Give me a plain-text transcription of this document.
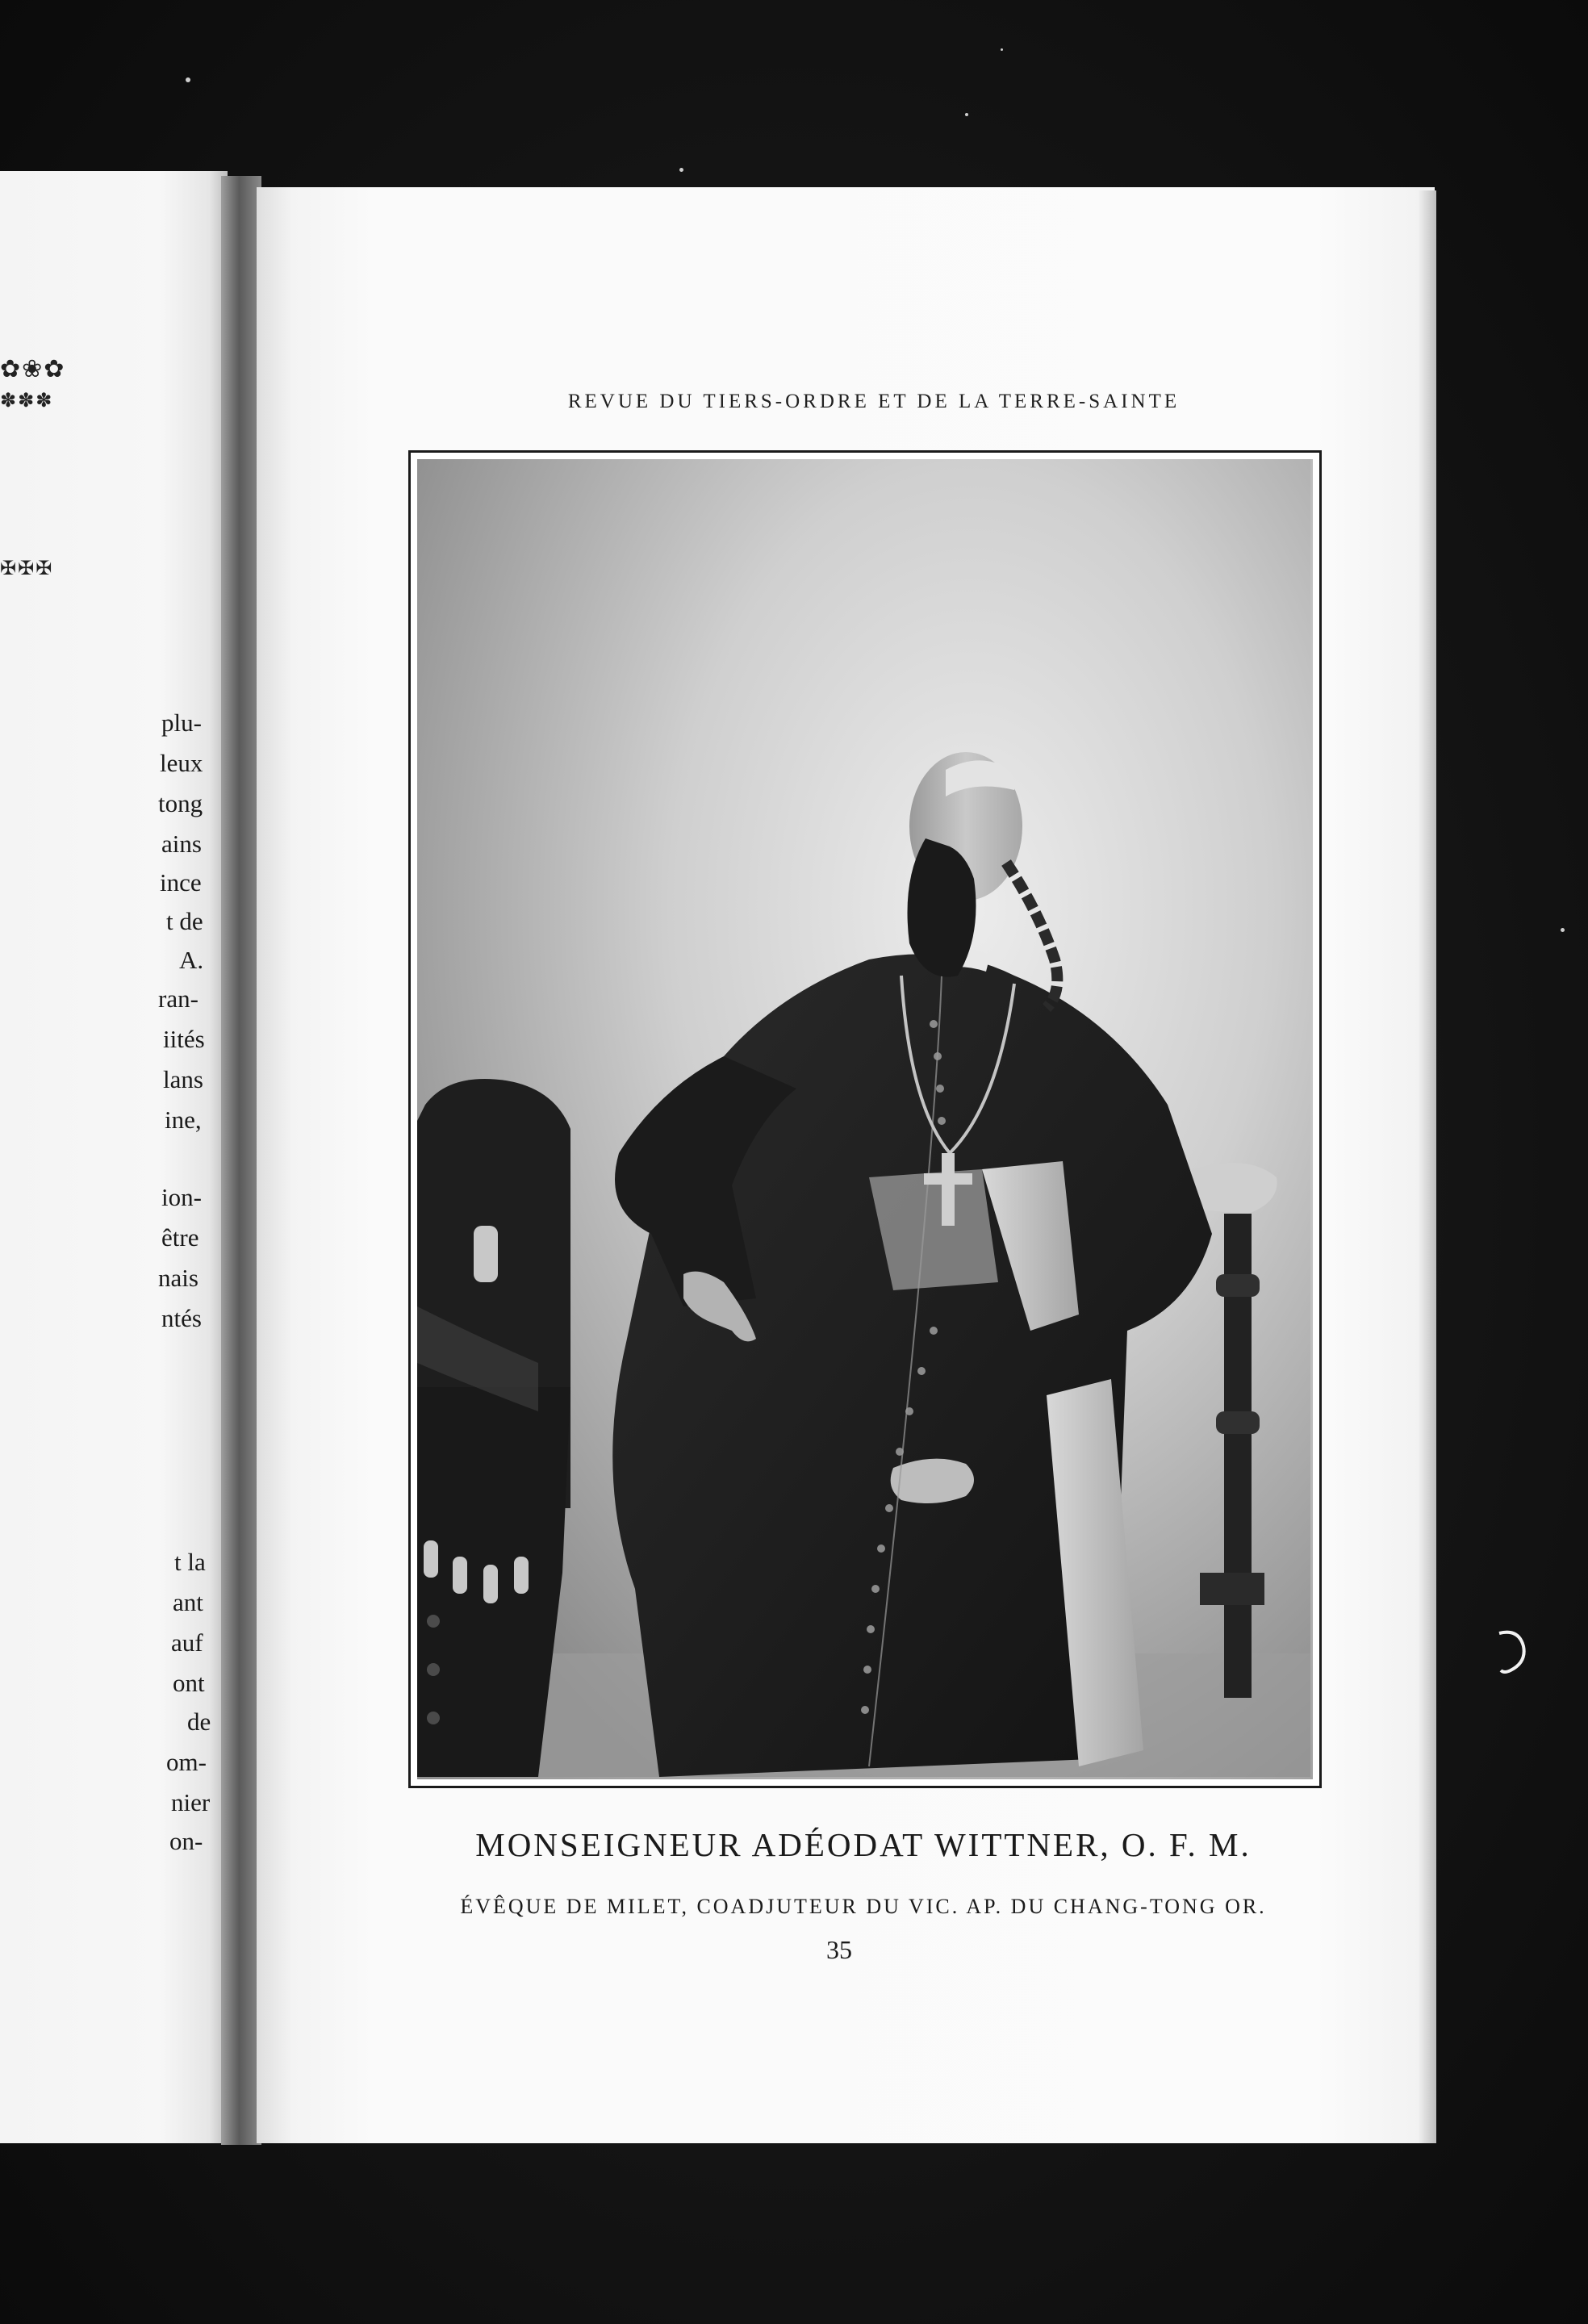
✿❀✿
✽✽✽
✠✠✠
plu-
leux
tong
ains
ince
t de
A.
ran-
iités
lans
ine,
ion-
être
nais
ntés
t la
ant
auf
ont
de
om-
nier
on-
REVUE DU TIERS-ORDRE ET DE LA TERRE-SAINTE
MONSEIGNEUR ADÉODAT WITTNER, O. F. M.
ÉVÊQUE DE MILET, COADJUTEUR DU VIC. AP. DU CHANG-TONG OR.
35
